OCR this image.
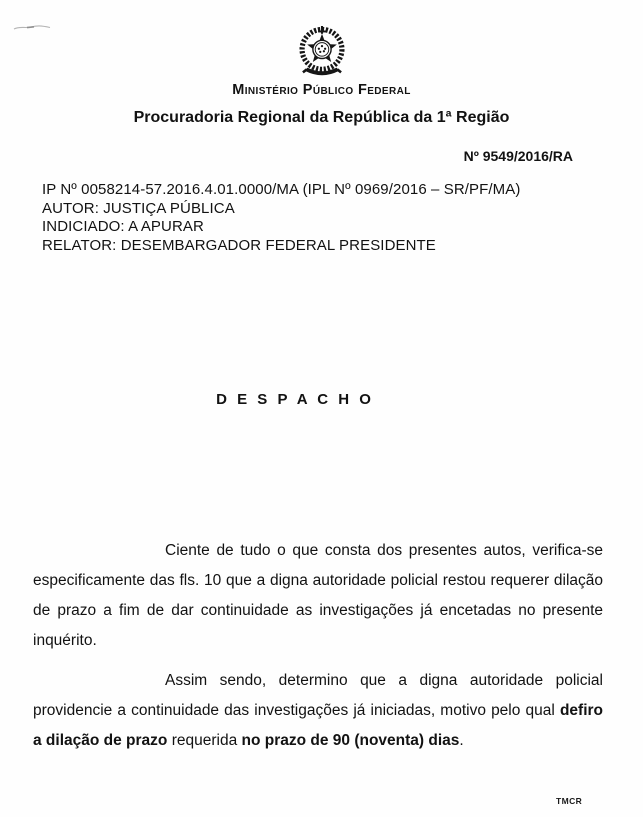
Ministério Público Federal
Procuradoria Regional da República da 1ª Região
Nº 9549/2016/RA
IP Nº 0058214-57.2016.4.01.0000/MA (IPL Nº 0969/2016 – SR/PF/MA)
AUTOR: JUSTIÇA PÚBLICA
INDICIADO: A APURAR
RELATOR: DESEMBARGADOR FEDERAL PRESIDENTE
D E S P A C H O

Ciente de tudo o que consta dos presentes autos, verifica-se especificamente das fls. 10 que a digna autoridade policial restou requerer dilação de prazo a fim de dar continuidade as investigações já encetadas no presente inquérito.

Assim sendo, determino que a digna autoridade policial providencie a continuidade das investigações já iniciadas, motivo pelo qual defiro a dilação de prazo requerida no prazo de 90 (noventa) dias.

TMCR
